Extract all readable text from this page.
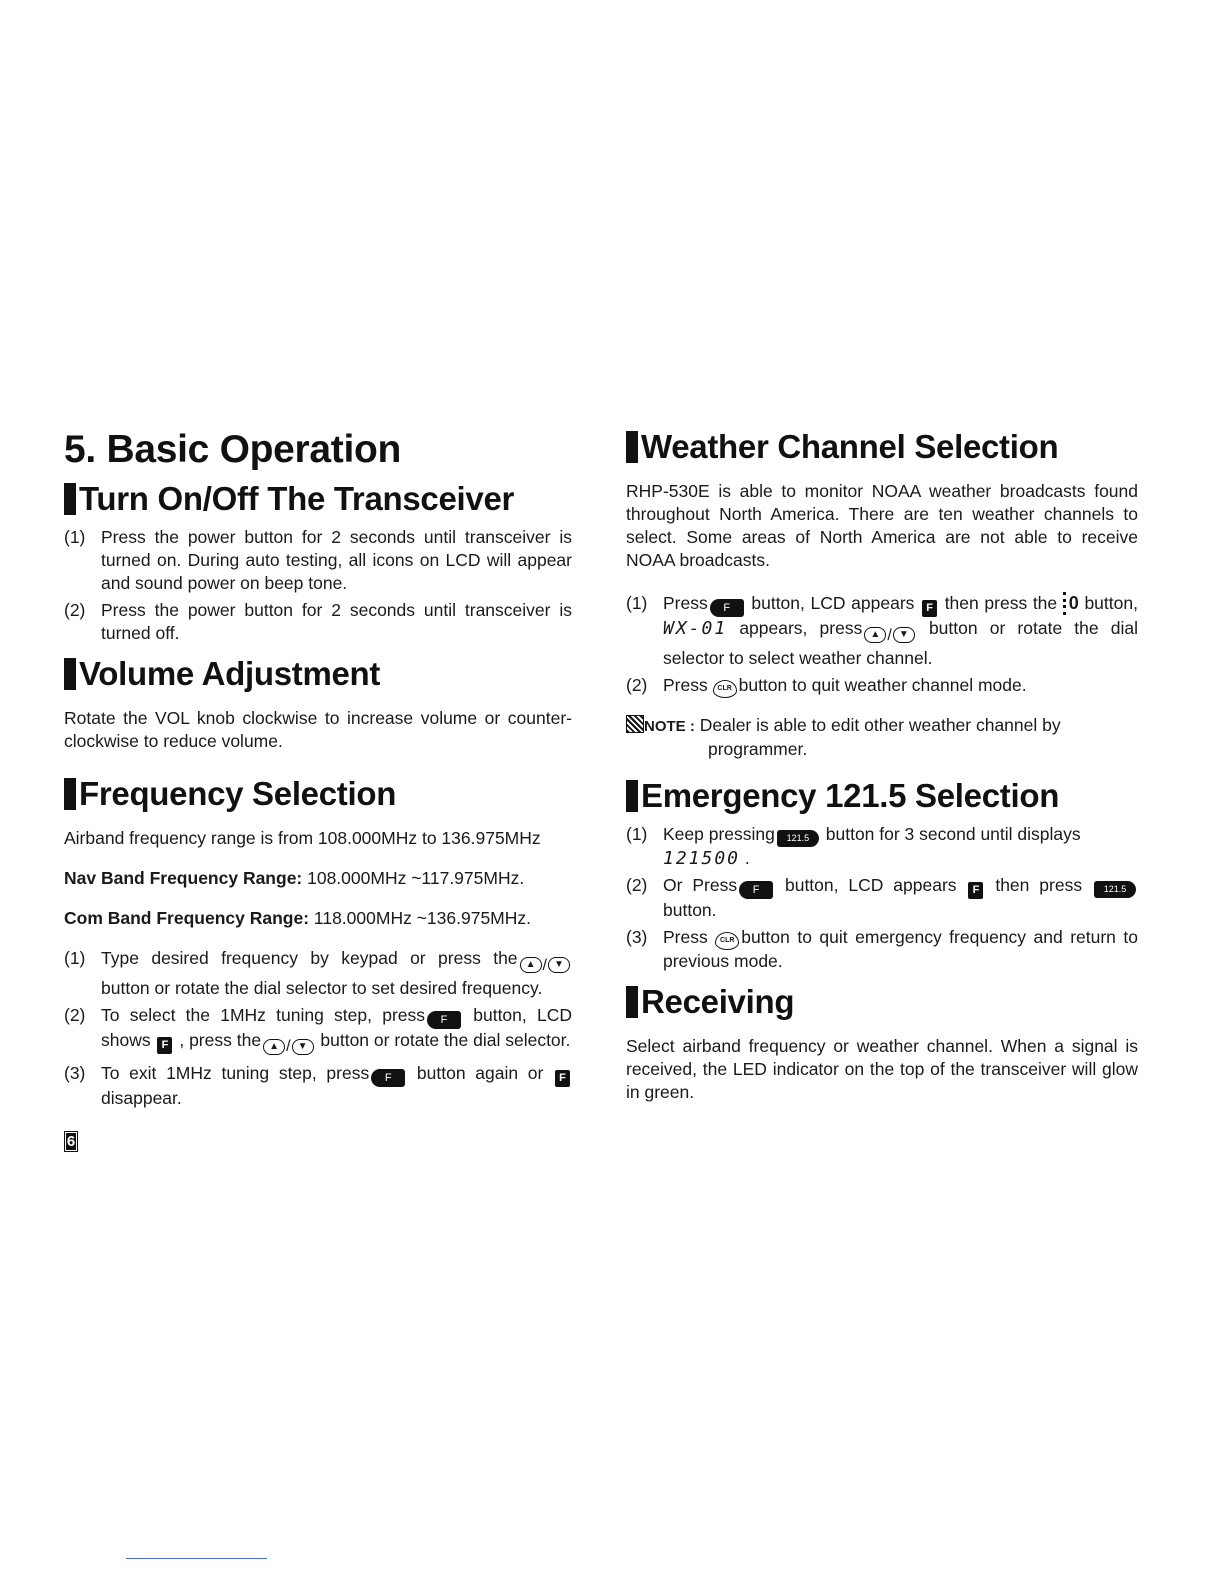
5. Basic Operation
Turn On/Off The Transceiver
(1) Press the power button for 2 seconds until transceiver is turned on. During auto testing, all icons on LCD will appear and sound power on beep tone.
(2) Press the power button for 2 seconds until transceiver is turned off.
Volume Adjustment

Rotate the VOL knob clockwise to increase volume or counter-clockwise to reduce volume.

Frequency Selection

Airband frequency range is from 108.000MHz to 136.975MHz

Nav Band Frequency Range: 108.000MHz ~117.975MHz.

Com Band Frequency Range: 118.000MHz ~136.975MHz.

(1) Type desired frequency by keypad or press the ▲ / ▼
button or rotate the dial selector to set desired frequency.
(2) To select the 1MHz tuning step, press F button, LCD shows F , press the ▲ / ▼ button or rotate the dial selector.
(3) To exit 1MHz tuning step, press F button again or F disappear.
Weather Channel Selection

RHP-530E is able to monitor NOAA weather broadcasts found throughout North America. There are ten weather channels to select. Some areas of North America are not able to receive NOAA broadcasts.

(1) Press F button, LCD appears F then press the 0 button, WX-01 appears, press ▲ / ▼ button or rotate the dial selector to select weather channel.
(2) Press CLR button to quit weather channel mode.

NOTE : Dealer is able to edit other weather channel by programmer.

Emergency 121.5 Selection
(1) Keep pressing 121.5 button for 3 second until displays
121500 .
(2) Or Press F button, LCD appears F then press 121.5 button.
(3) Press CLR button to quit emergency frequency and return to previous mode.
Receiving

Select airband frequency or weather channel. When a signal is received, the LED indicator on the top of the transceiver will glow in green.

6
